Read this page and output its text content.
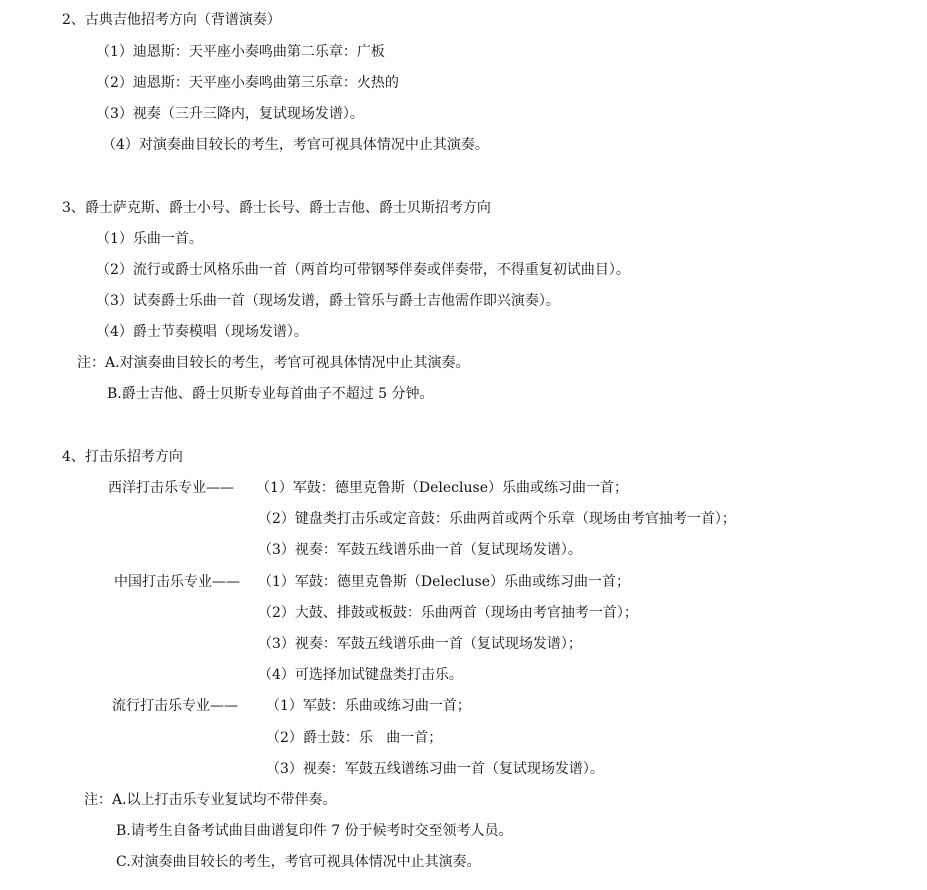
2、古典吉他招考方向（背谱演奏）
（1）迪恩斯：天平座小奏鸣曲第二乐章：广板
（2）迪恩斯：天平座小奏鸣曲第三乐章：火热的
（3）视奏（三升三降内，复试现场发谱）。
（4）对演奏曲目较长的考生，考官可视具体情况中止其演奏。
3、爵士萨克斯、爵士小号、爵士长号、爵士吉他、爵士贝斯招考方向
（1）乐曲一首。
（2）流行或爵士风格乐曲一首（两首均可带钢琴伴奏或伴奏带，不得重复初试曲目）。
（3）试奏爵士乐曲一首（现场发谱，爵士管乐与爵士吉他需作即兴演奏）。
（4）爵士节奏模唱（现场发谱）。
注：A.对演奏曲目较长的考生，考官可视具体情况中止其演奏。
B.爵士吉他、爵士贝斯专业每首曲子不超过 5 分钟。
4、打击乐招考方向
西洋打击乐专业—— （1）军鼓：德里克鲁斯（Delecluse）乐曲或练习曲一首；
（2）键盘类打击乐或定音鼓：乐曲两首或两个乐章（现场由考官抽考一首）；
（3）视奏：军鼓五线谱乐曲一首（复试现场发谱）。
中国打击乐专业—— （1）军鼓：德里克鲁斯（Delecluse）乐曲或练习曲一首；
（2）大鼓、排鼓或板鼓：乐曲两首（现场由考官抽考一首）；
（3）视奏：军鼓五线谱乐曲一首（复试现场发谱）；
（4）可选择加试键盘类打击乐。
流行打击乐专业—— （1）军鼓：乐曲或练习曲一首；
（2）爵士鼓：乐   曲一首；
（3）视奏：军鼓五线谱练习曲一首（复试现场发谱）。
注：A.以上打击乐专业复试均不带伴奏。
B.请考生自备考试曲目曲谱复印件 7 份于候考时交至领考人员。
C.对演奏曲目较长的考生，考官可视具体情况中止其演奏。
